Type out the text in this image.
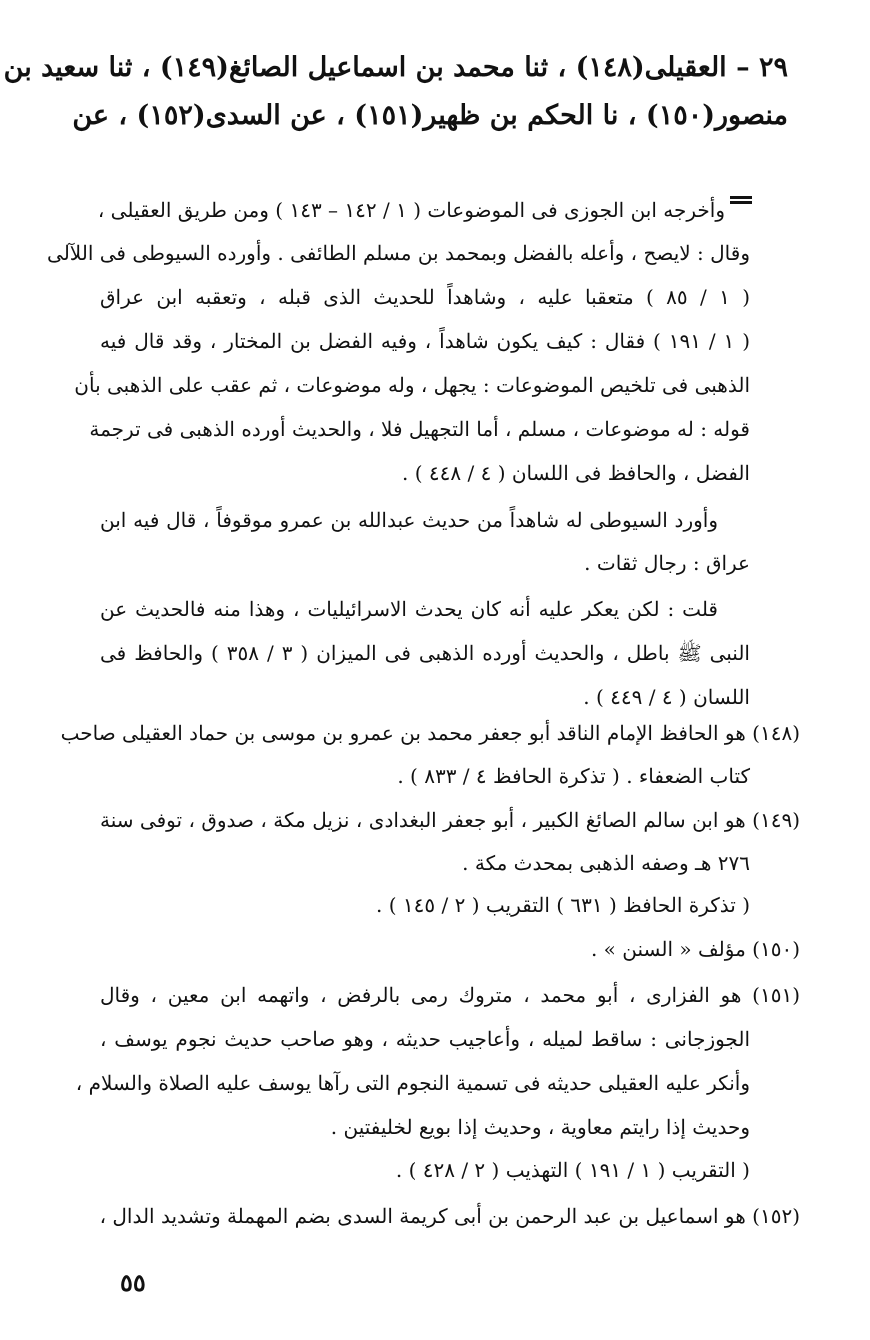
٢٩ – العقيلى(١٤٨) ، ثنا محمد بن اسماعيل الصائغ(١٤٩) ، ثنا سعيد بن
منصور(١٥٠) ، نا الحكم بن ظهير(١٥١) ، عن السدى(١٥٢) ، عن
وأخرجه ابن الجوزى فى الموضوعات ( ١ / ١٤٢ – ١٤٣ ) ومن طريق العقيلى ،
وقال : لايصح ، وأعله بالفضل وبمحمد بن مسلم الطائفى . وأورده السيوطى فى اللآلى
( ١ / ٨٥ ) متعقبا عليه ، وشاهداً للحديث الذى قبله ، وتعقبه ابن عراق
( ١ / ١٩١ ) فقال : كيف يكون شاهداً ، وفيه الفضل بن المختار ، وقد قال فيه
الذهبى فى تلخيص الموضوعات : يجهل ، وله موضوعات ، ثم عقب على الذهبى بأن
قوله : له موضوعات ، مسلم ، أما التجهيل فلا ، والحديث أورده الذهبى فى ترجمة
الفضل ، والحافظ فى اللسان ( ٤ / ٤٤٨ ) .
وأورد السيوطى له شاهداً من حديث عبدالله بن عمرو موقوفاً ، قال فيه ابن
عراق : رجال ثقات .
قلت : لكن يعكر عليه أنه كان يحدث الاسرائيليات ، وهذا منه فالحديث عن
النبى ﷺ باطل ، والحديث أورده الذهبى فى الميزان ( ٣ / ٣٥٨ ) والحافظ فى
اللسان ( ٤ / ٤٤٩ ) .
(١٤٨) هو الحافظ الإمام الناقد أبو جعفر محمد بن عمرو بن موسى بن حماد العقيلى صاحب
كتاب الضعفاء . ( تذكرة الحافظ ٤ / ٨٣٣ ) .
(١٤٩) هو ابن سالم الصائغ الكبير ، أبو جعفر البغدادى ، نزيل مكة ، صدوق ، توفى سنة
٢٧٦ هـ وصفه الذهبى بمحدث مكة .
( تذكرة الحافظ ( ٦٣١ ) التقريب ( ٢ / ١٤٥ ) .
(١٥٠) مؤلف « السنن » .
(١٥١) هو الفزارى ، أبو محمد ، متروك رمى بالرفض ، واتهمه ابن معين ، وقال
الجوزجانى : ساقط لميله ، وأعاجيب حديثه ، وهو صاحب حديث نجوم يوسف ،
وأنكر عليه العقيلى حديثه فى تسمية النجوم التى رآها يوسف عليه الصلاة والسلام ،
وحديث إذا رايتم معاوية ، وحديث إذا بويع لخليفتين .
( التقريب ( ١ / ١٩١ ) التهذيب ( ٢ / ٤٢٨ ) .
(١٥٢) هو اسماعيل بن عبد الرحمن بن أبى كريمة السدى بضم المهملة وتشديد الدال ،
٥٥
